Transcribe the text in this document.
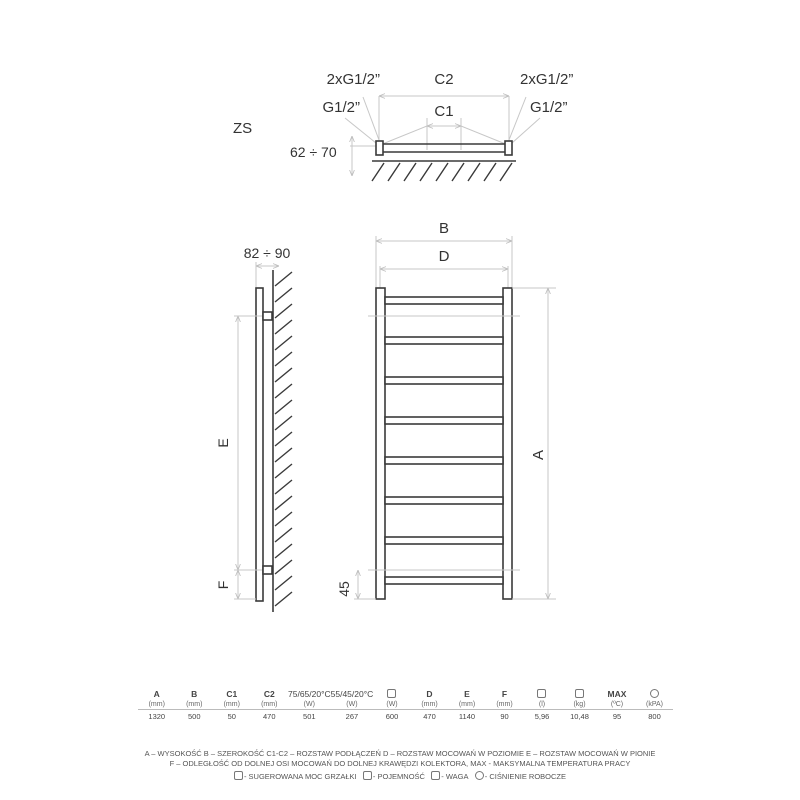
ZS
2xG1/2”
G1/2”
2xG1/2”
G1/2”
C2
C1
62 ÷ 70
82 ÷ 90
E
F
B
D
A
45
A	B	C1	C2	75/65/20°C	55/45/20°C		D	E	F			MAX	
(mm)	(mm)	(mm)	(mm)	(W)	(W)	(W)	(mm)	(mm)	(mm)	(l)	(kg)	(ºC)	(kPA)
1320	500	50	470	501	267	600	470	1140	90	5,96	10,48	95	800
A – WYSOKOŚĆ B – SZEROKOŚĆ C1-C2 – ROZSTAW PODŁĄCZEŃ D – ROZSTAW MOCOWAŃ W POZIOMIE E – ROZSTAW MOCOWAŃ W PIONIE
F – ODLEGŁOŚĆ OD DOLNEJ OSI MOCOWAŃ DO DOLNEJ KRAWĘDZI KOLEKTORA, MAX - MAKSYMALNA TEMPERATURA PRACY
- SUGEROWANA MOC GRZAŁKI - POJEMNOŚĆ - WAGA - CIŚNIENIE ROBOCZE
